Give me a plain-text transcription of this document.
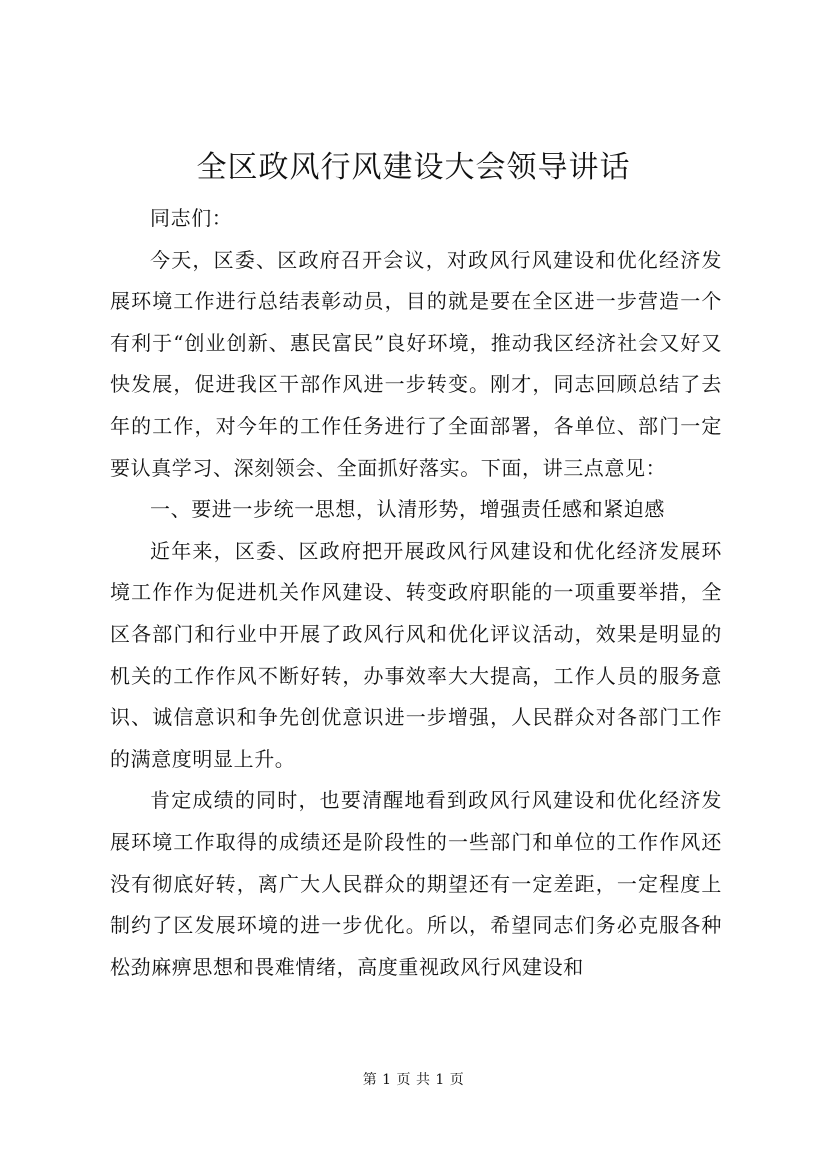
全区政风行风建设大会领导讲话

同志们：

今天，区委、区政府召开会议，对政风行风建设和优化经济发展环境工作进行总结表彰动员，目的就是要在全区进一步营造一个有利于“创业创新、惠民富民”良好环境，推动我区经济社会又好又快发展，促进我区干部作风进一步转变。刚才，同志回顾总结了去年的工作，对今年的工作任务进行了全面部署，各单位、部门一定要认真学习、深刻领会、全面抓好落实。下面，讲三点意见：

一、要进一步统一思想，认清形势，增强责任感和紧迫感

近年来，区委、区政府把开展政风行风建设和优化经济发展环境工作作为促进机关作风建设、转变政府职能的一项重要举措，全区各部门和行业中开展了政风行风和优化评议活动，效果是明显的机关的工作作风不断好转，办事效率大大提高，工作人员的服务意识、诚信意识和争先创优意识进一步增强，人民群众对各部门工作的满意度明显上升。

肯定成绩的同时，也要清醒地看到政风行风建设和优化经济发展环境工作取得的成绩还是阶段性的一些部门和单位的工作作风还没有彻底好转，离广大人民群众的期望还有一定差距，一定程度上制约了区发展环境的进一步优化。所以，希望同志们务必克服各种松劲麻痹思想和畏难情绪，高度重视政风行风建设和

第 1 页 共 1 页
